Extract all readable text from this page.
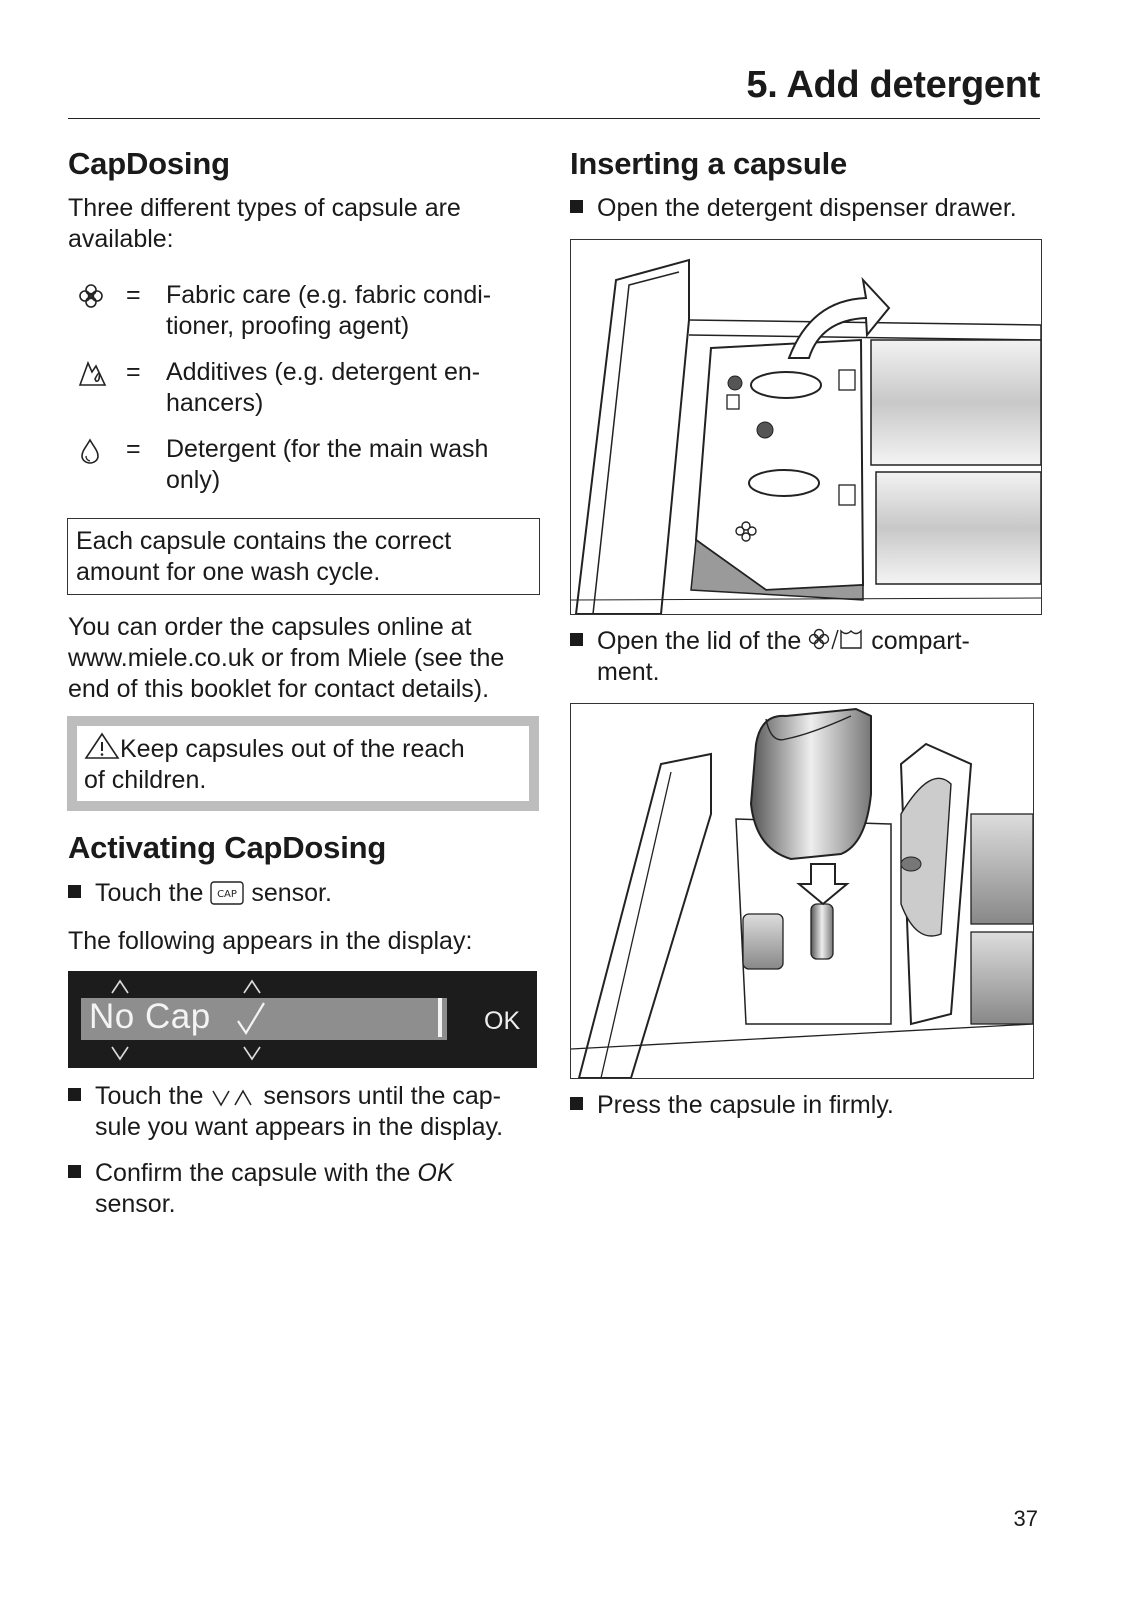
5. Add detergent
CapDosing
Three different types of capsule are available:
=	Fabric care (e.g. fabric condi-
tioner, proofing agent)
=	Additives (e.g. detergent en-
hancers)
=	Detergent (for the main wash
only)
Each capsule contains the correct
amount for one wash cycle.
You can order the capsules online at
www.miele.co.uk or from Miele (see the
end of this booklet for contact details).
Keep capsules out of the reach
of children.
Activating CapDosing
Touch the CAP sensor.
The following appears in the display:
No Cap	OK
Touch the sensors until the cap-
sule you want appears in the display.
Confirm the capsule with the OK
sensor.
Inserting a capsule
Open the detergent dispenser drawer.
Open the lid of the	compart-
ment.
Press the capsule in firmly.
37
